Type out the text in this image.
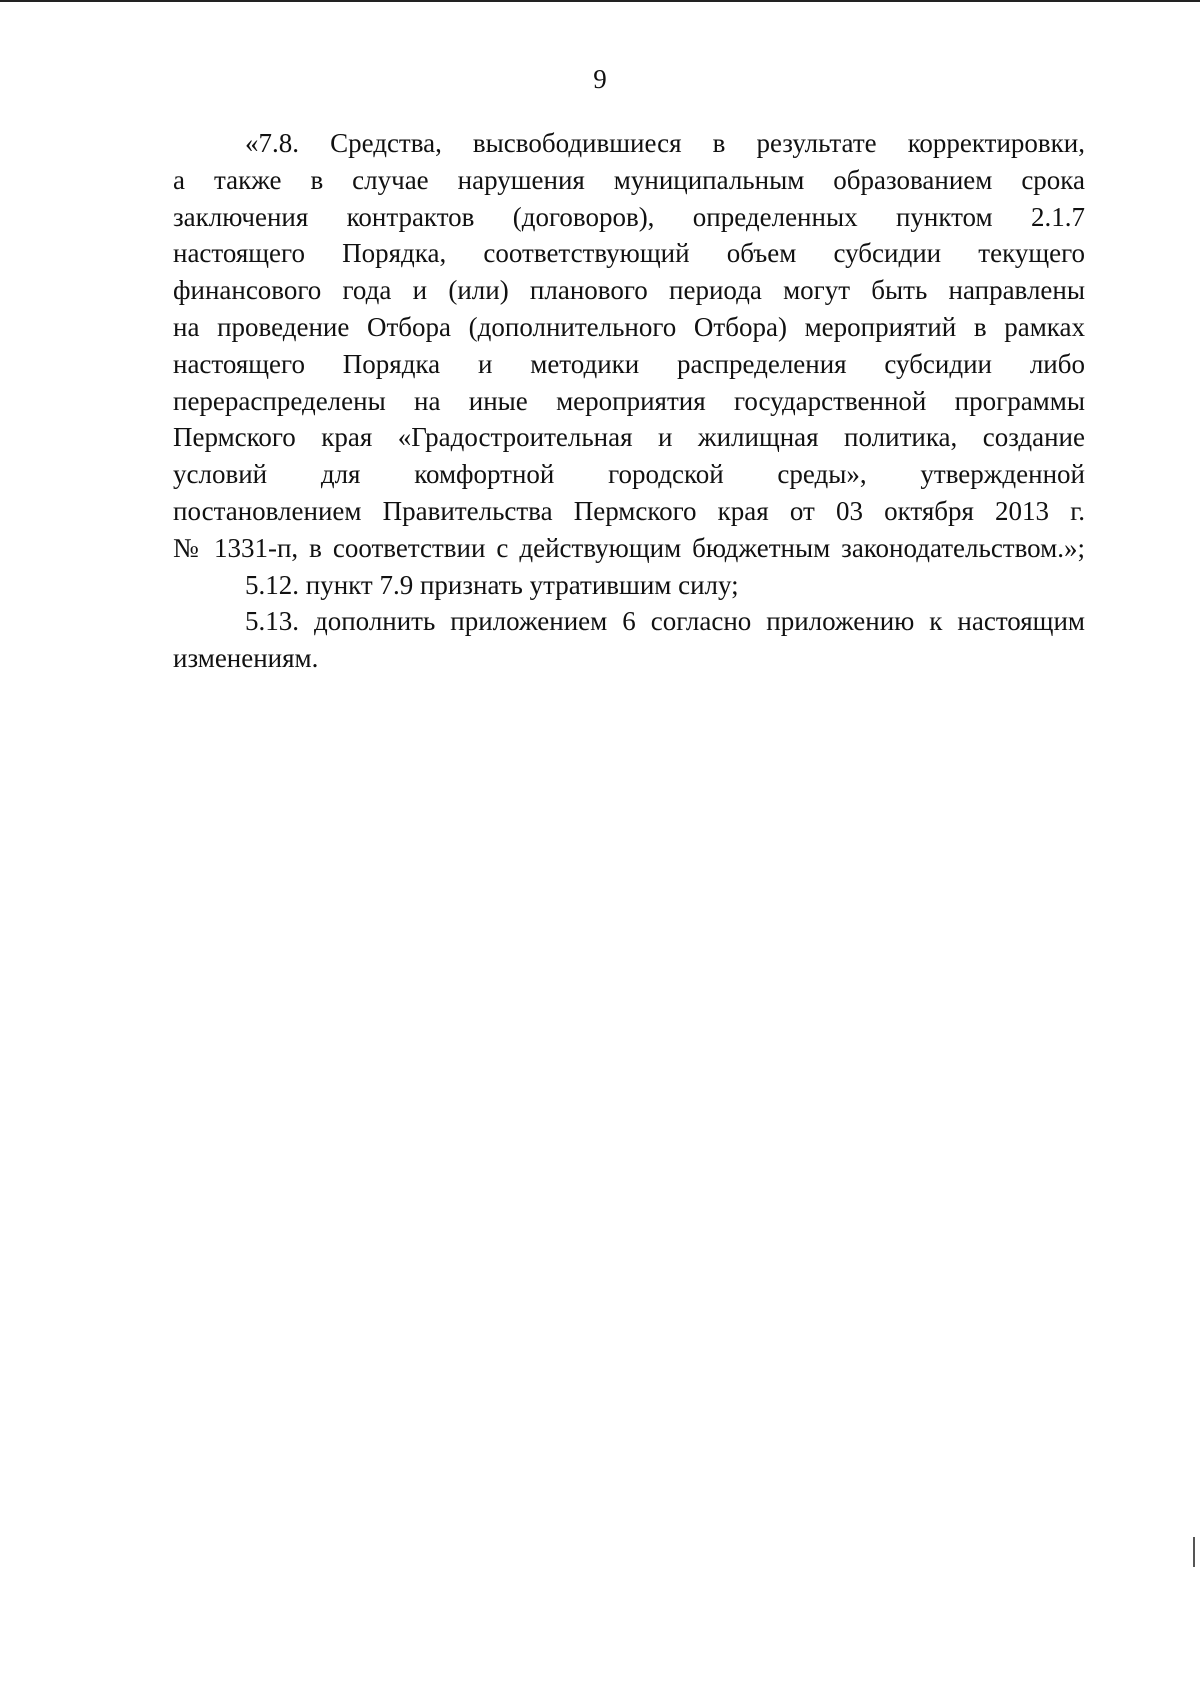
9
«7.8. Средства, высвободившиеся в результате корректировки,
а также в случае нарушения муниципальным образованием срока
заключения контрактов (договоров), определенных пунктом 2.1.7
настоящего Порядка, соответствующий объем субсидии текущего
финансового года и (или) планового периода могут быть направлены
на проведение Отбора (дополнительного Отбора) мероприятий в рамках
настоящего Порядка и методики распределения субсидии либо
перераспределены на иные мероприятия государственной программы
Пермского края «Градостроительная и жилищная политика, создание
условий для комфортной городской среды», утвержденной
постановлением Правительства Пермского края от 03 октября 2013 г.
№ 1331-п, в соответствии с действующим бюджетным законодательством.»;
5.12. пункт 7.9 признать утратившим силу;
5.13. дополнить приложением 6 согласно приложению к настоящим
изменениям.
